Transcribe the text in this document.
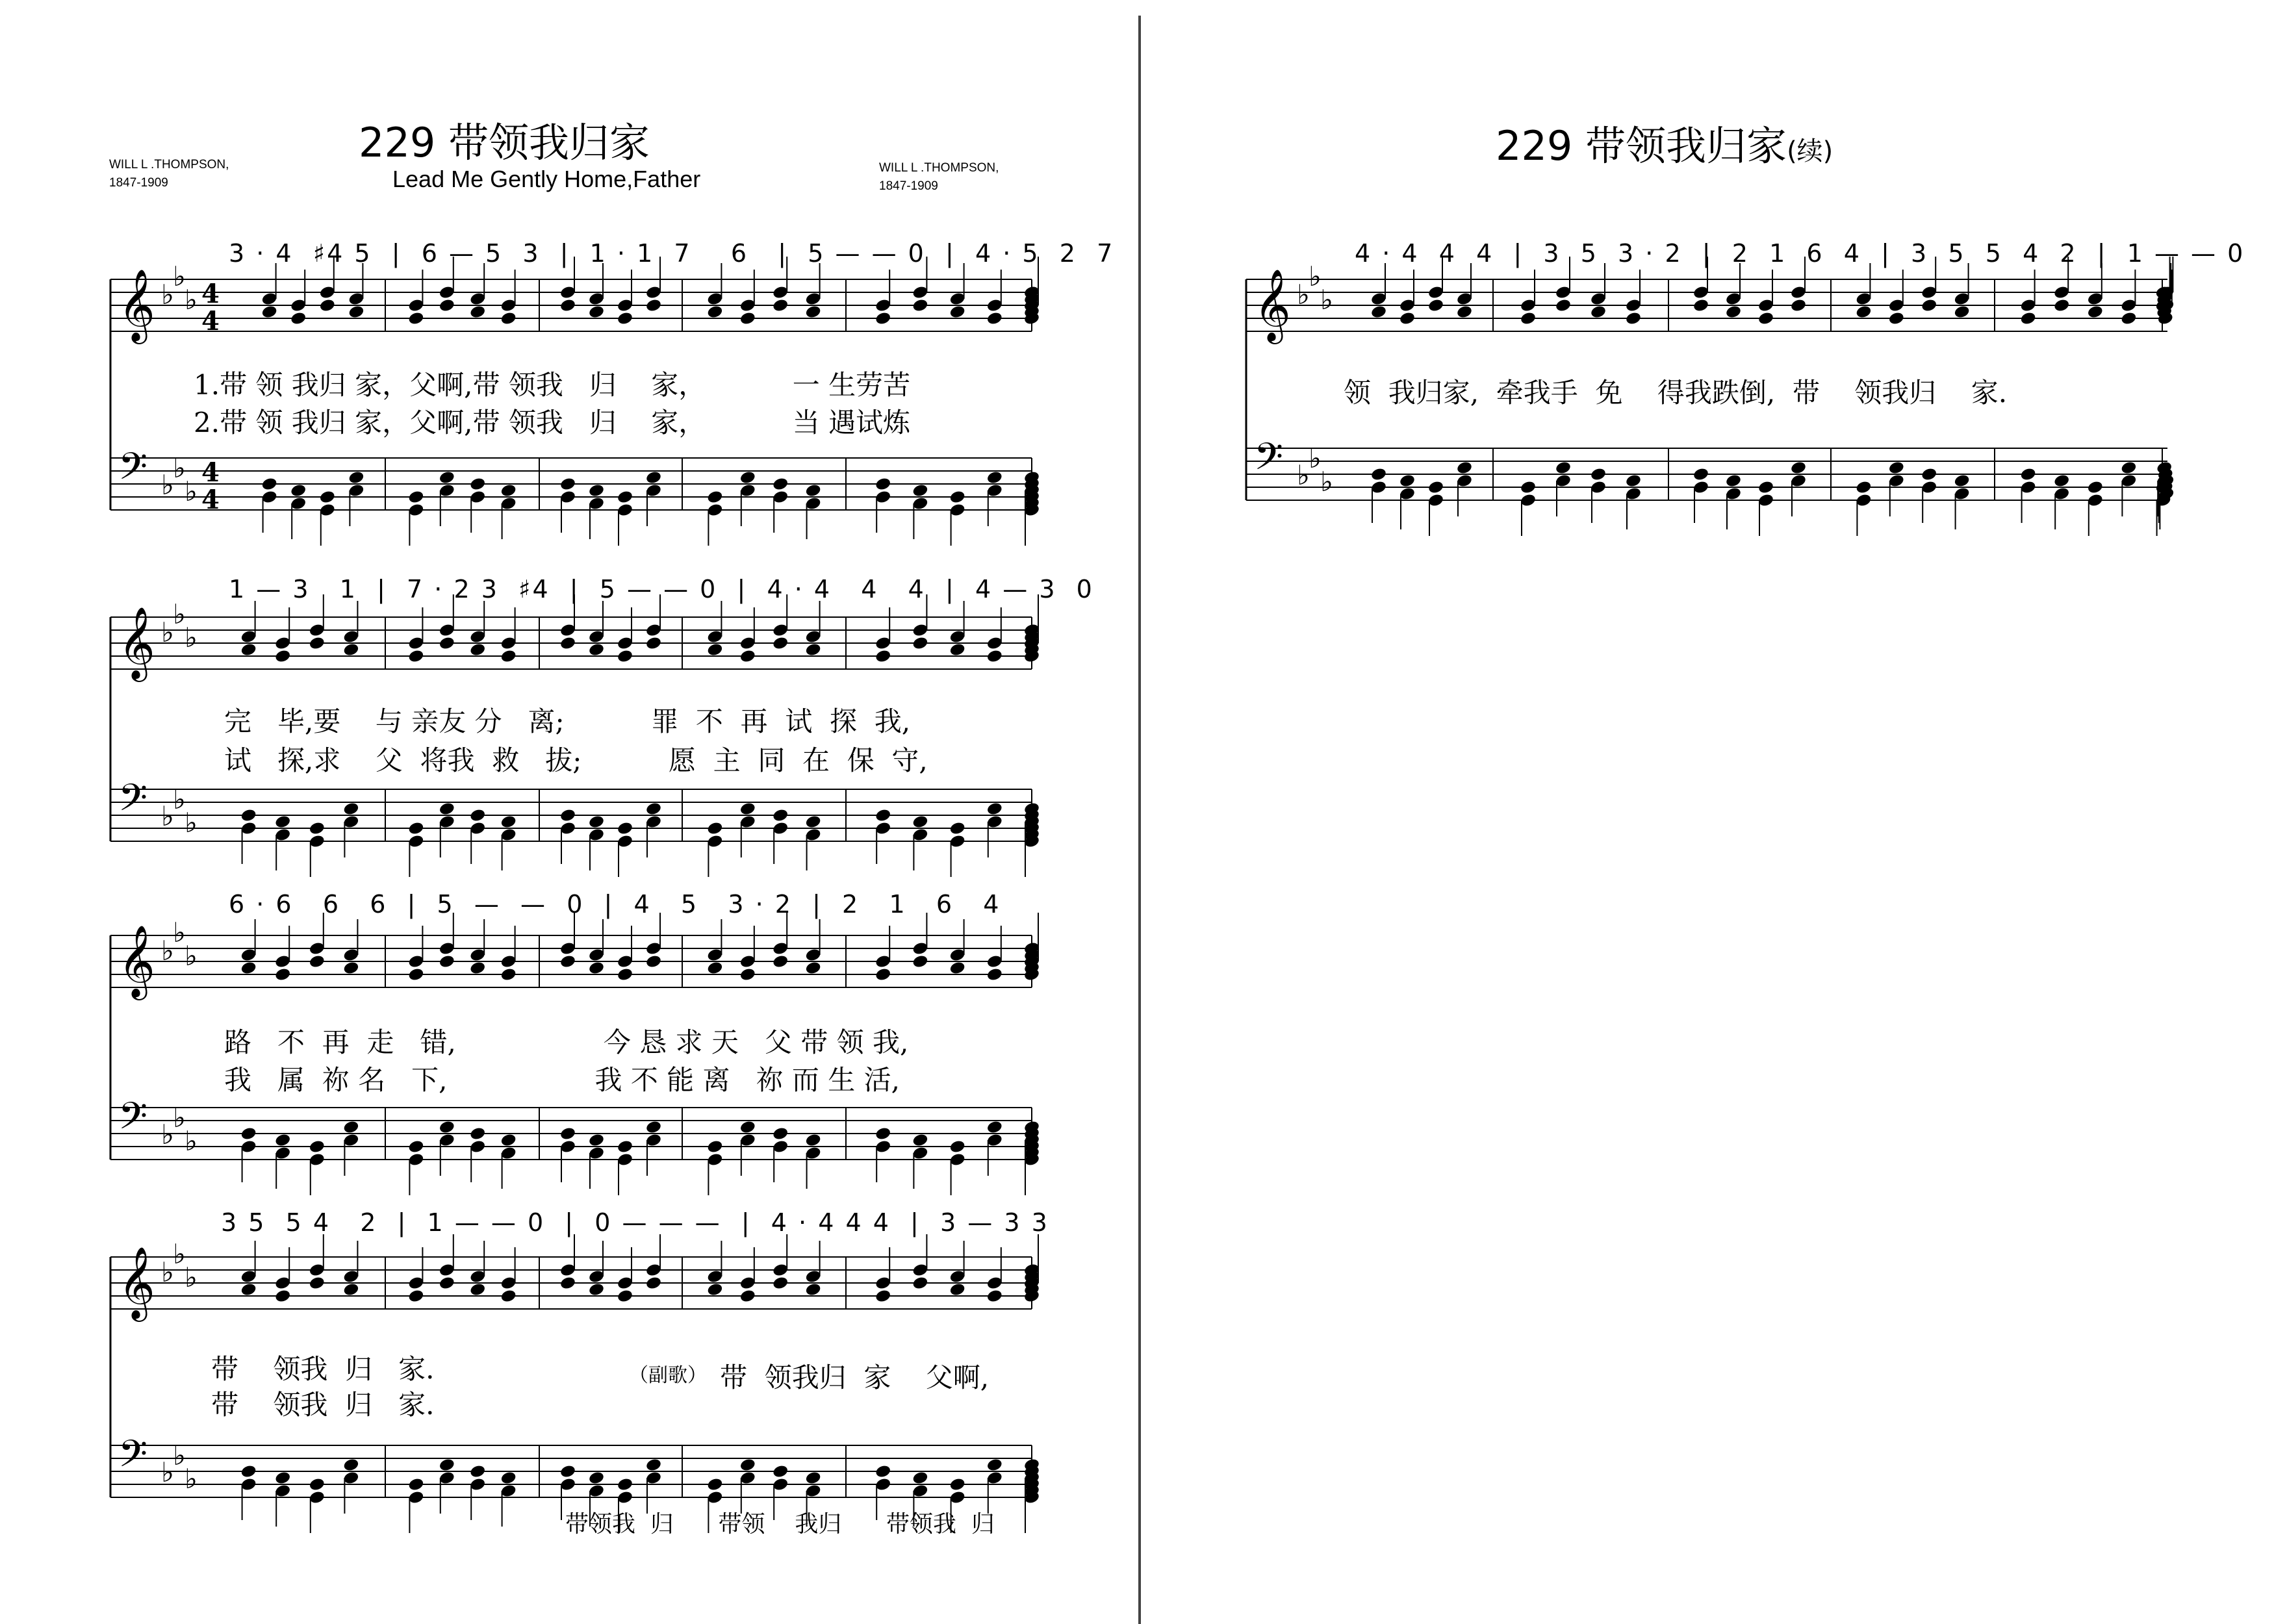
WILL L .THOMPSON,
1847-1909
229 带领我归家
Lead Me Gently Home,Father	WILL L .THOMPSON,
1847-1909
3 · 4  ♯4 5  |  6 — 5  3  |  1 · 1  7    6   |  5 — — 0  |  4 · 5  2  7
𝄞 ♭
♭
♭ 4
4
𝄢 ♭
♭
♭
4
4
1.带 领 我归 家，父啊,带 领我   归    家，          一 生劳苦
2.带 领 我归 家，父啊,带 领我   归    家，          当 遇试炼
1 — 3   1  |  7 · 2 3  ♯4  |  5 — — 0  |  4 · 4   4   4  |  4 — 3  0
𝄞 ♭
♭
♭
𝄢 ♭
♭
♭
完   毕,要    与 亲友 分   离;          罪  不  再  试  探  我,
试   探,求    父  将我  救   拔;          愿  主  同  在  保  守,
6 · 6   6   6  |  5  —  —  0  |  4   5   3 · 2  |  2   1   6   4
𝄞 ♭
♭
♭
𝄢 ♭
♭
♭
路   不  再  走   错,                 今 恳 求 天   父 带 领 我,
我   属  祢 名   下,                 我 不 能 离   祢 而 生 活,
3 5  5 4   2  |  1 — — 0  |  0 — — —  |  4 · 4 4 4  |  3 — 3 3
𝄞 ♭
♭
♭
𝄢 ♭
♭
♭
带    领我  归   家.
带    领我  归   家.
（副歌） 带  领我归  家    父啊,
带领我  归      带领    我归      带领我  归
229 带领我归家(续)
4 · 4  4  4  |  3  5  3 · 2  |  2  1  6  4  |  3  5  5  4  2  |  1 — — 0
𝄞 ♭
♭
♭
𝄢 ♭
♭
♭
领  我归家,  牵我手  免    得我跌倒,  带    领我归    家.
